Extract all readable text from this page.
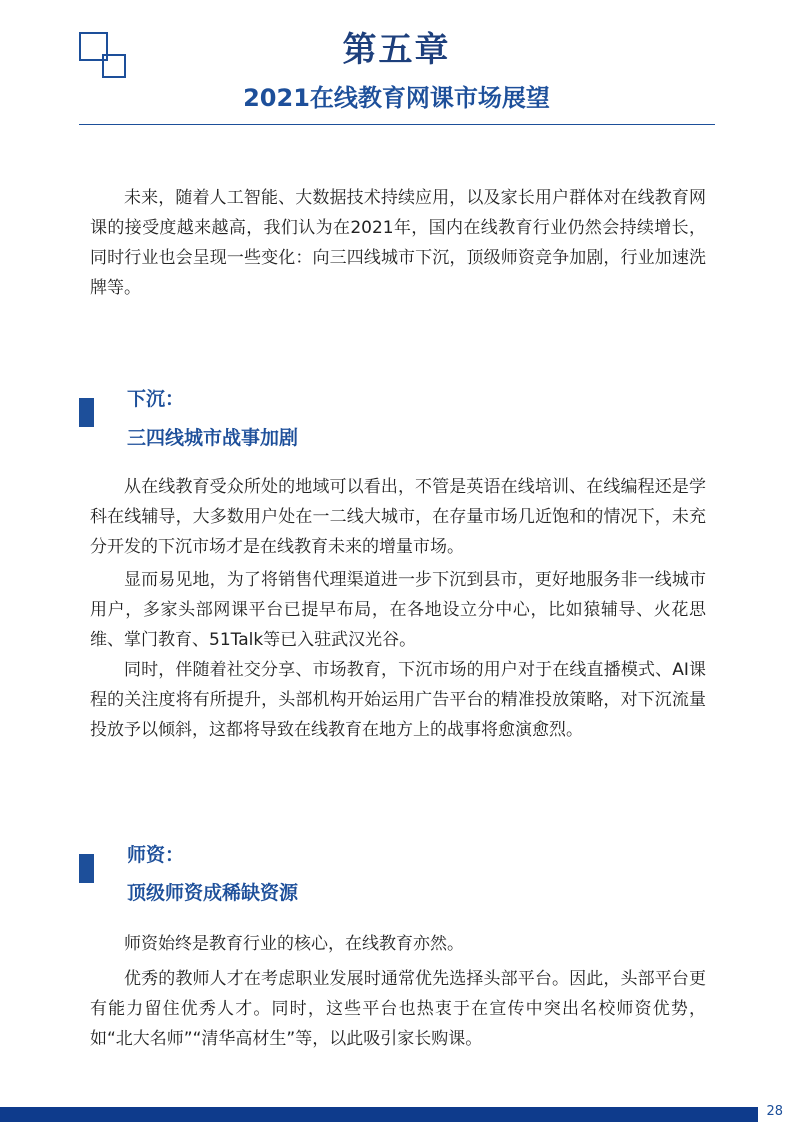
第五章
2021在线教育网课市场展望

未来，随着人工智能、大数据技术持续应用，以及家长用户群体对在线教育网课的接受度越来越高，我们认为在2021年，国内在线教育行业仍然会持续增长，同时行业也会呈现一些变化：向三四线城市下沉，顶级师资竞争加剧，行业加速洗牌等。

下沉：
三四线城市战事加剧

从在线教育受众所处的地域可以看出，不管是英语在线培训、在线编程还是学科在线辅导，大多数用户处在一二线大城市，在存量市场几近饱和的情况下，未充分开发的下沉市场才是在线教育未来的增量市场。

显而易见地，为了将销售代理渠道进一步下沉到县市，更好地服务非一线城市用户，多家头部网课平台已提早布局，在各地设立分中心，比如猿辅导、火花思维、掌门教育、51Talk等已入驻武汉光谷。

同时，伴随着社交分享、市场教育，下沉市场的用户对于在线直播模式、AI课程的关注度将有所提升，头部机构开始运用广告平台的精准投放策略，对下沉流量投放予以倾斜，这都将导致在线教育在地方上的战事将愈演愈烈。

师资：
顶级师资成稀缺资源

师资始终是教育行业的核心，在线教育亦然。

优秀的教师人才在考虑职业发展时通常优先选择头部平台。因此，头部平台更有能力留住优秀人才。同时，这些平台也热衷于在宣传中突出名校师资优势，如“北大名师”“清华高材生”等，以此吸引家长购课。

28
